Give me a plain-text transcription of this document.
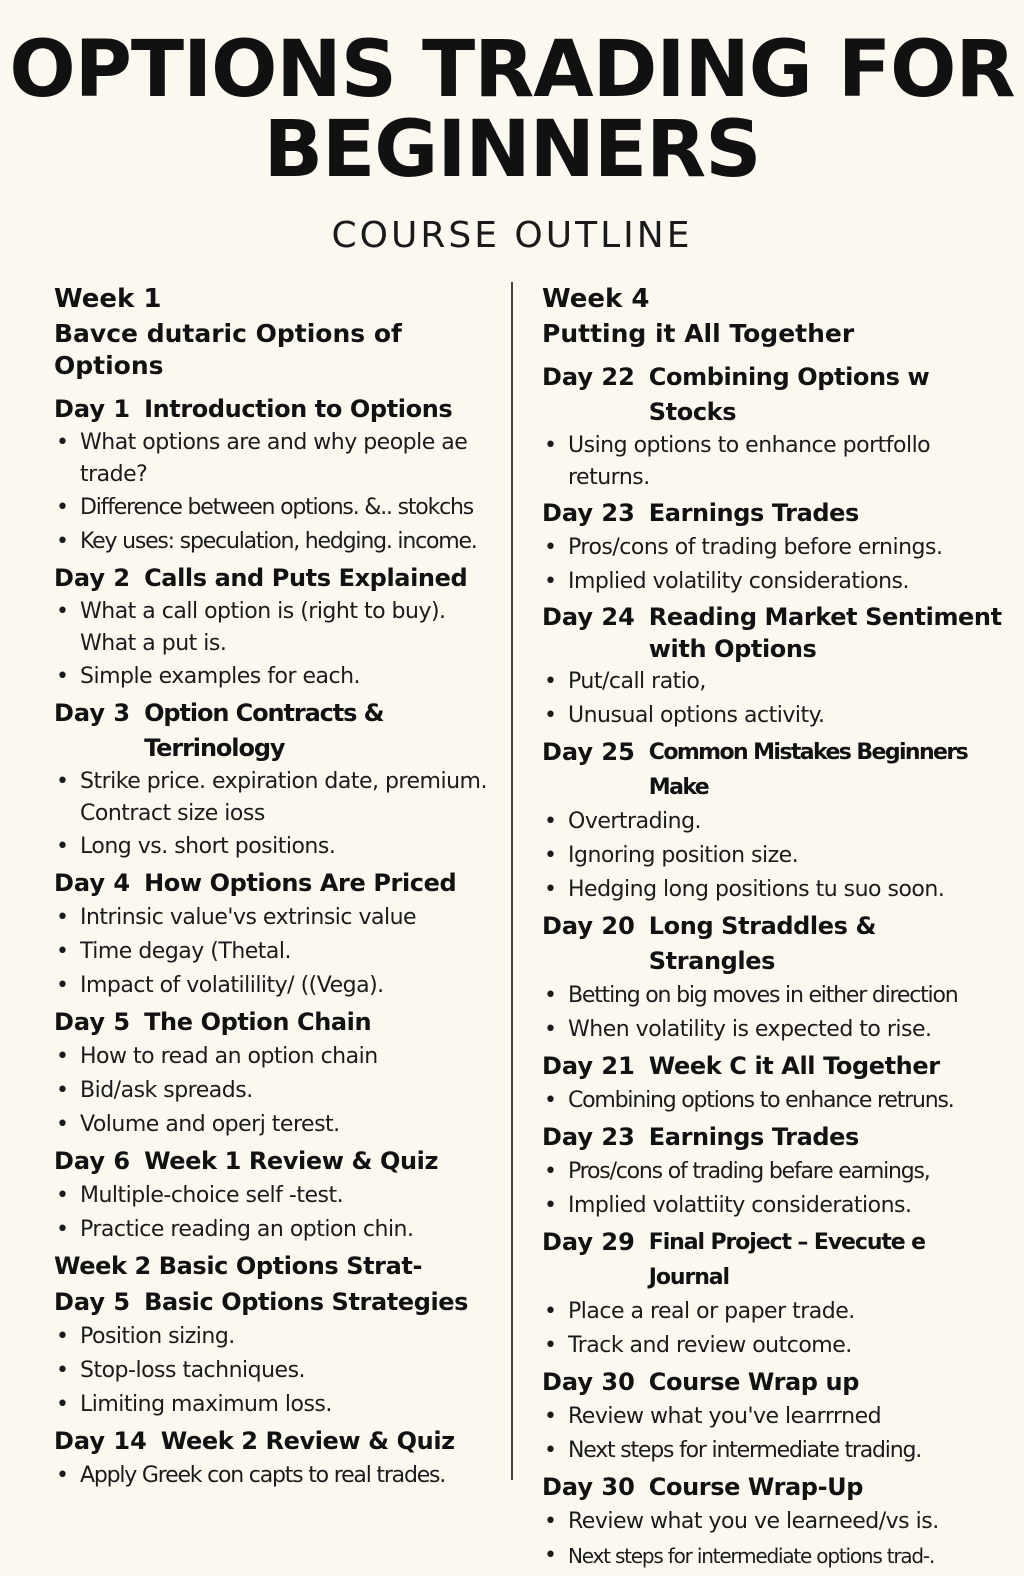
OPTIONS TRADING FOR
BEGINNERS
COURSE OUTLINE
Week 1
Bavce dutaric Options of Options
Day 1 Introduction to Options
• What options are and why people ae trade?
• Difference between options. &.. stokchs
• Key uses: speculation, hedging. income.
Day 2 Calls and Puts Explained
• What a call option is (right to buy). What a put is.
• Simple examples for each.
Day 3 Option Contracts & Terrinology
• Strike price. expiration date, premium. Contract size ioss
• Long vs. short positions.
Day 4 How Options Are Priced
• Intrinsic value'vs extrinsic value
• Time degay (Thetal.
• Impact of volatilility/ ((Vega).
Day 5 The Option Chain
• How to read an option chain
• Bid/ask spreads.
• Volume and operj terest.
Day 6 Week 1 Review & Quiz
• Multiple-choice self -test.
• Practice reading an option chin.
Week 2 Basic Options Strat-
Day 5 Basic Options Strategies
• Position sizing.
• Stop-loss tachniques.
• Limiting maximum loss.
Day 14 Week 2 Review & Quiz
• Apply Greek con capts to real trades.
Week 4
Putting it All Together
Day 22 Combining Options w Stocks
• Using options to enhance portfollo returns.
Day 23 Earnings Trades
• Pros/cons of trading before ernings.
• Implied volatility considerations.
Day 24 Reading Market Sentiment with Options
• Put/call ratio,
• Unusual options activity.
Day 25 Common Mistakes Beginners Make
• Overtrading.
• Ignoring position size.
• Hedging long positions tu suo soon.
Day 20 Long Straddles & Strangles
• Betting on big moves in either direction
• When volatility is expected to rise.
Day 21 Week C it All Together
• Combining options to enhance retruns.
Day 23 Earnings Trades
• Pros/cons of trading befare earnings,
• Implied volattiity considerations.
Day 29 Final Project – Evecute e Journal
• Place a real or paper trade.
• Track and review outcome.
Day 30 Course Wrap up
• Review what you've learrrned
• Next steps for intermediate trading.
Day 30 Course Wrap-Up
• Review what you ve learneed/vs is.
• Next steps for intermediate options trad-.
